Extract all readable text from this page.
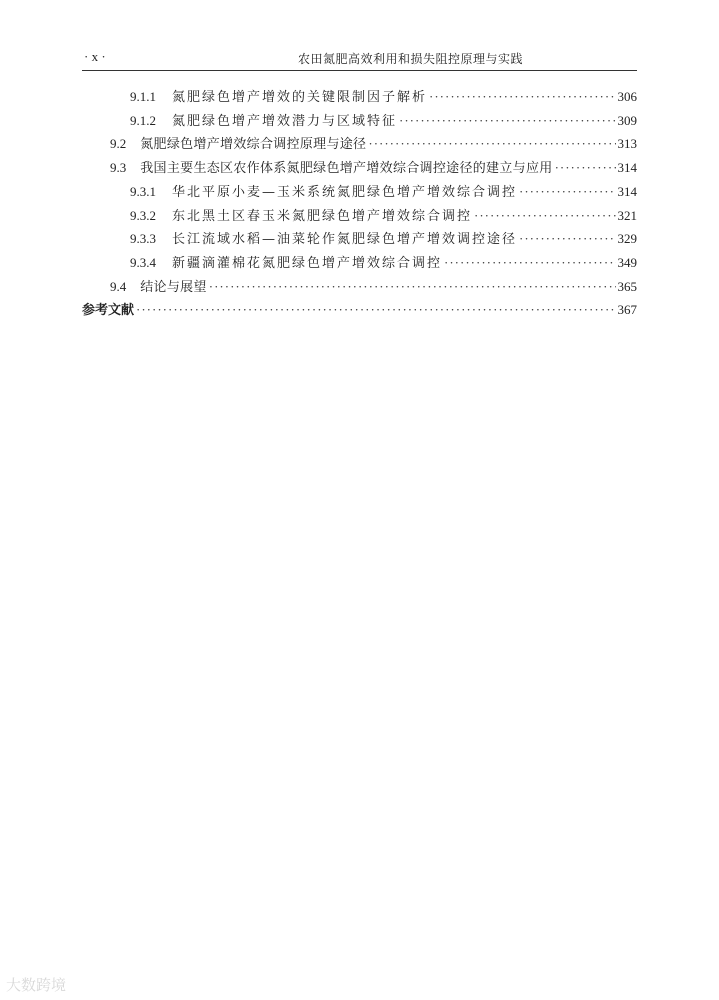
· x ·	农田氮肥高效利用和损失阻控原理与实践
9.1.1 氮肥绿色增产增效的关键限制因子解析 ·····	306
9.1.2 氮肥绿色增产增效潜力与区域特征 ·····	309
9.2 氮肥绿色增产增效综合调控原理与途径 ·····	313
9.3 我国主要生态区农作体系氮肥绿色增产增效综合调控途径的建立与应用 ·····	314
9.3.1 华北平原小麦—玉米系统氮肥绿色增产增效综合调控 ·····	314
9.3.2 东北黑土区春玉米氮肥绿色增产增效综合调控 ·····	321
9.3.3 长江流域水稻—油菜轮作氮肥绿色增产增效调控途径 ·····	329
9.3.4 新疆滴灌棉花氮肥绿色增产增效综合调控 ·····	349
9.4 结论与展望 ·····	365
参考文献 ·····	367
大数跨境
